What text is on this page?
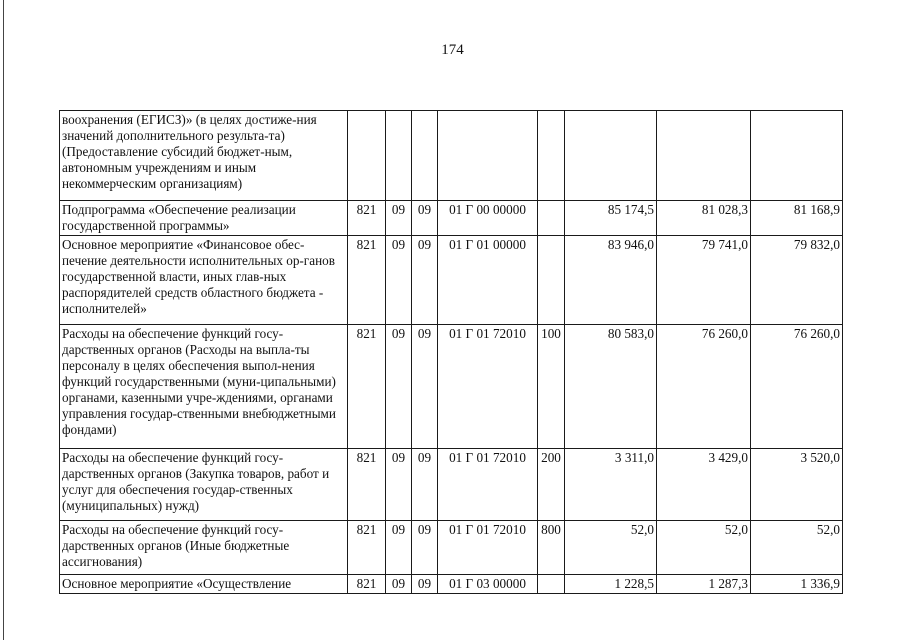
174
воохранения (ЕГИСЗ)» (в целях достиже-ния значений дополнительного результа-та) (Предоставление субсидий бюджет-ным, автономным учреждениям и иным некоммерческим организациям)								
Подпрограмма «Обеспечение реализации государственной программы»	821	09	09	01 Г 00 00000		85 174,5	81 028,3	81 168,9
Основное мероприятие «Финансовое обес-печение деятельности исполнительных ор-ганов государственной власти, иных глав-ных распорядителей средств областного бюджета - исполнителей»	821	09	09	01 Г 01 00000		83 946,0	79 741,0	79 832,0
Расходы на обеспечение функций госу-дарственных органов (Расходы на выпла-ты персоналу в целях обеспечения выпол-нения функций государственными (муни-ципальными) органами, казенными учре-ждениями, органами управления государ-ственными внебюджетными фондами)	821	09	09	01 Г 01 72010	100	80 583,0	76 260,0	76 260,0
Расходы на обеспечение функций госу-дарственных органов (Закупка товаров, работ и услуг для обеспечения государ-ственных (муниципальных) нужд)	821	09	09	01 Г 01 72010	200	3 311,0	3 429,0	3 520,0
Расходы на обеспечение функций госу-дарственных органов (Иные бюджетные ассигнования)	821	09	09	01 Г 01 72010	800	52,0	52,0	52,0
Основное мероприятие «Осуществление	821	09	09	01 Г 03 00000		1 228,5	1 287,3	1 336,9
